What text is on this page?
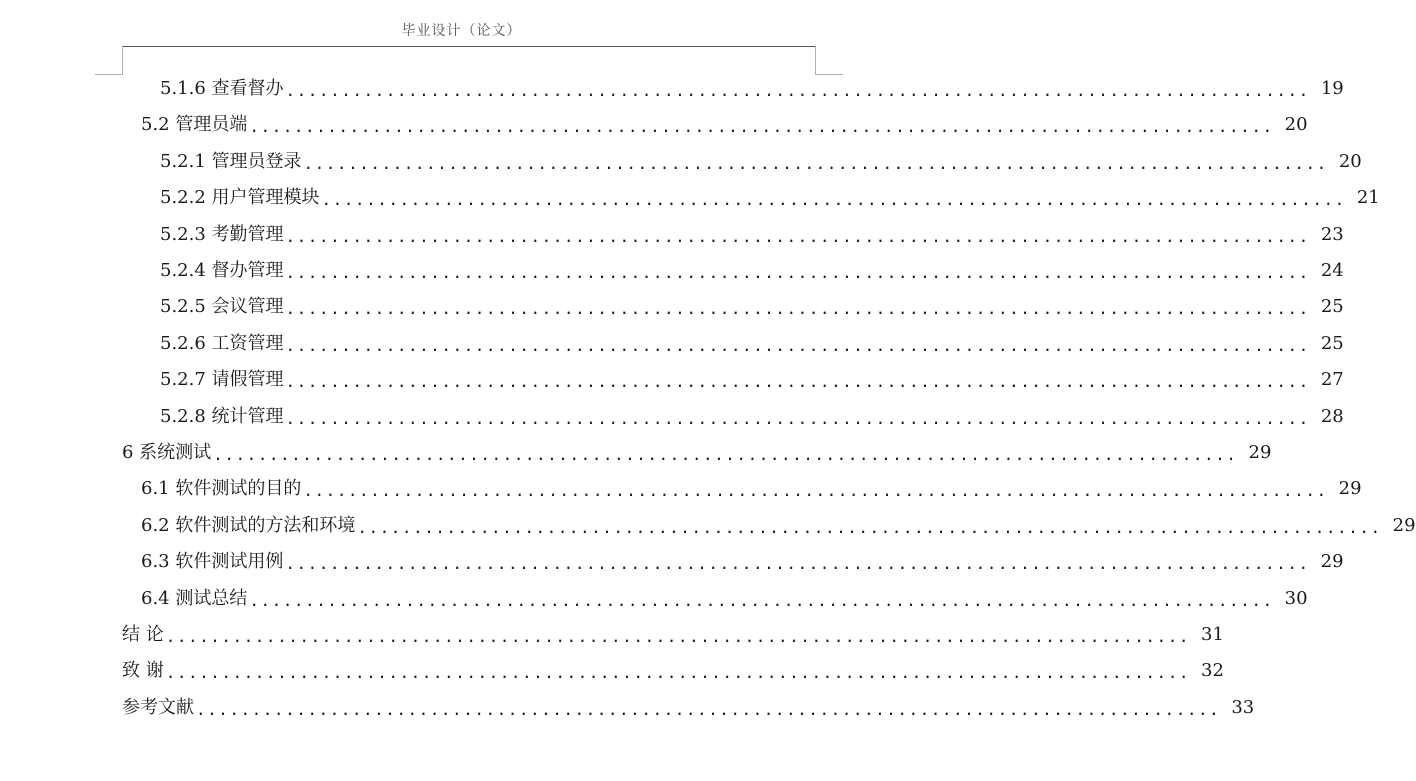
毕业设计（论文）
5.1.6 查看督办 ............................................................................................ 19
5.2 管理员端 ............................................................................................ 20
5.2.1 管理员登录 ............................................................................................ 20
5.2.2 用户管理模块 ............................................................................................ 21
5.2.3 考勤管理 ............................................................................................ 23
5.2.4 督办管理 ............................................................................................ 24
5.2.5 会议管理 ............................................................................................ 25
5.2.6 工资管理 ............................................................................................ 25
5.2.7 请假管理 ............................................................................................ 27
5.2.8 统计管理 ............................................................................................ 28
6 系统测试 ............................................................................................ 29
6.1 软件测试的目的 ............................................................................................ 29
6.2 软件测试的方法和环境 ............................................................................................ 29
6.3 软件测试用例 ............................................................................................ 29
6.4 测试总结 ............................................................................................ 30
结 论 ............................................................................................ 31
致 谢 ............................................................................................ 32
参考文献 ............................................................................................ 33
